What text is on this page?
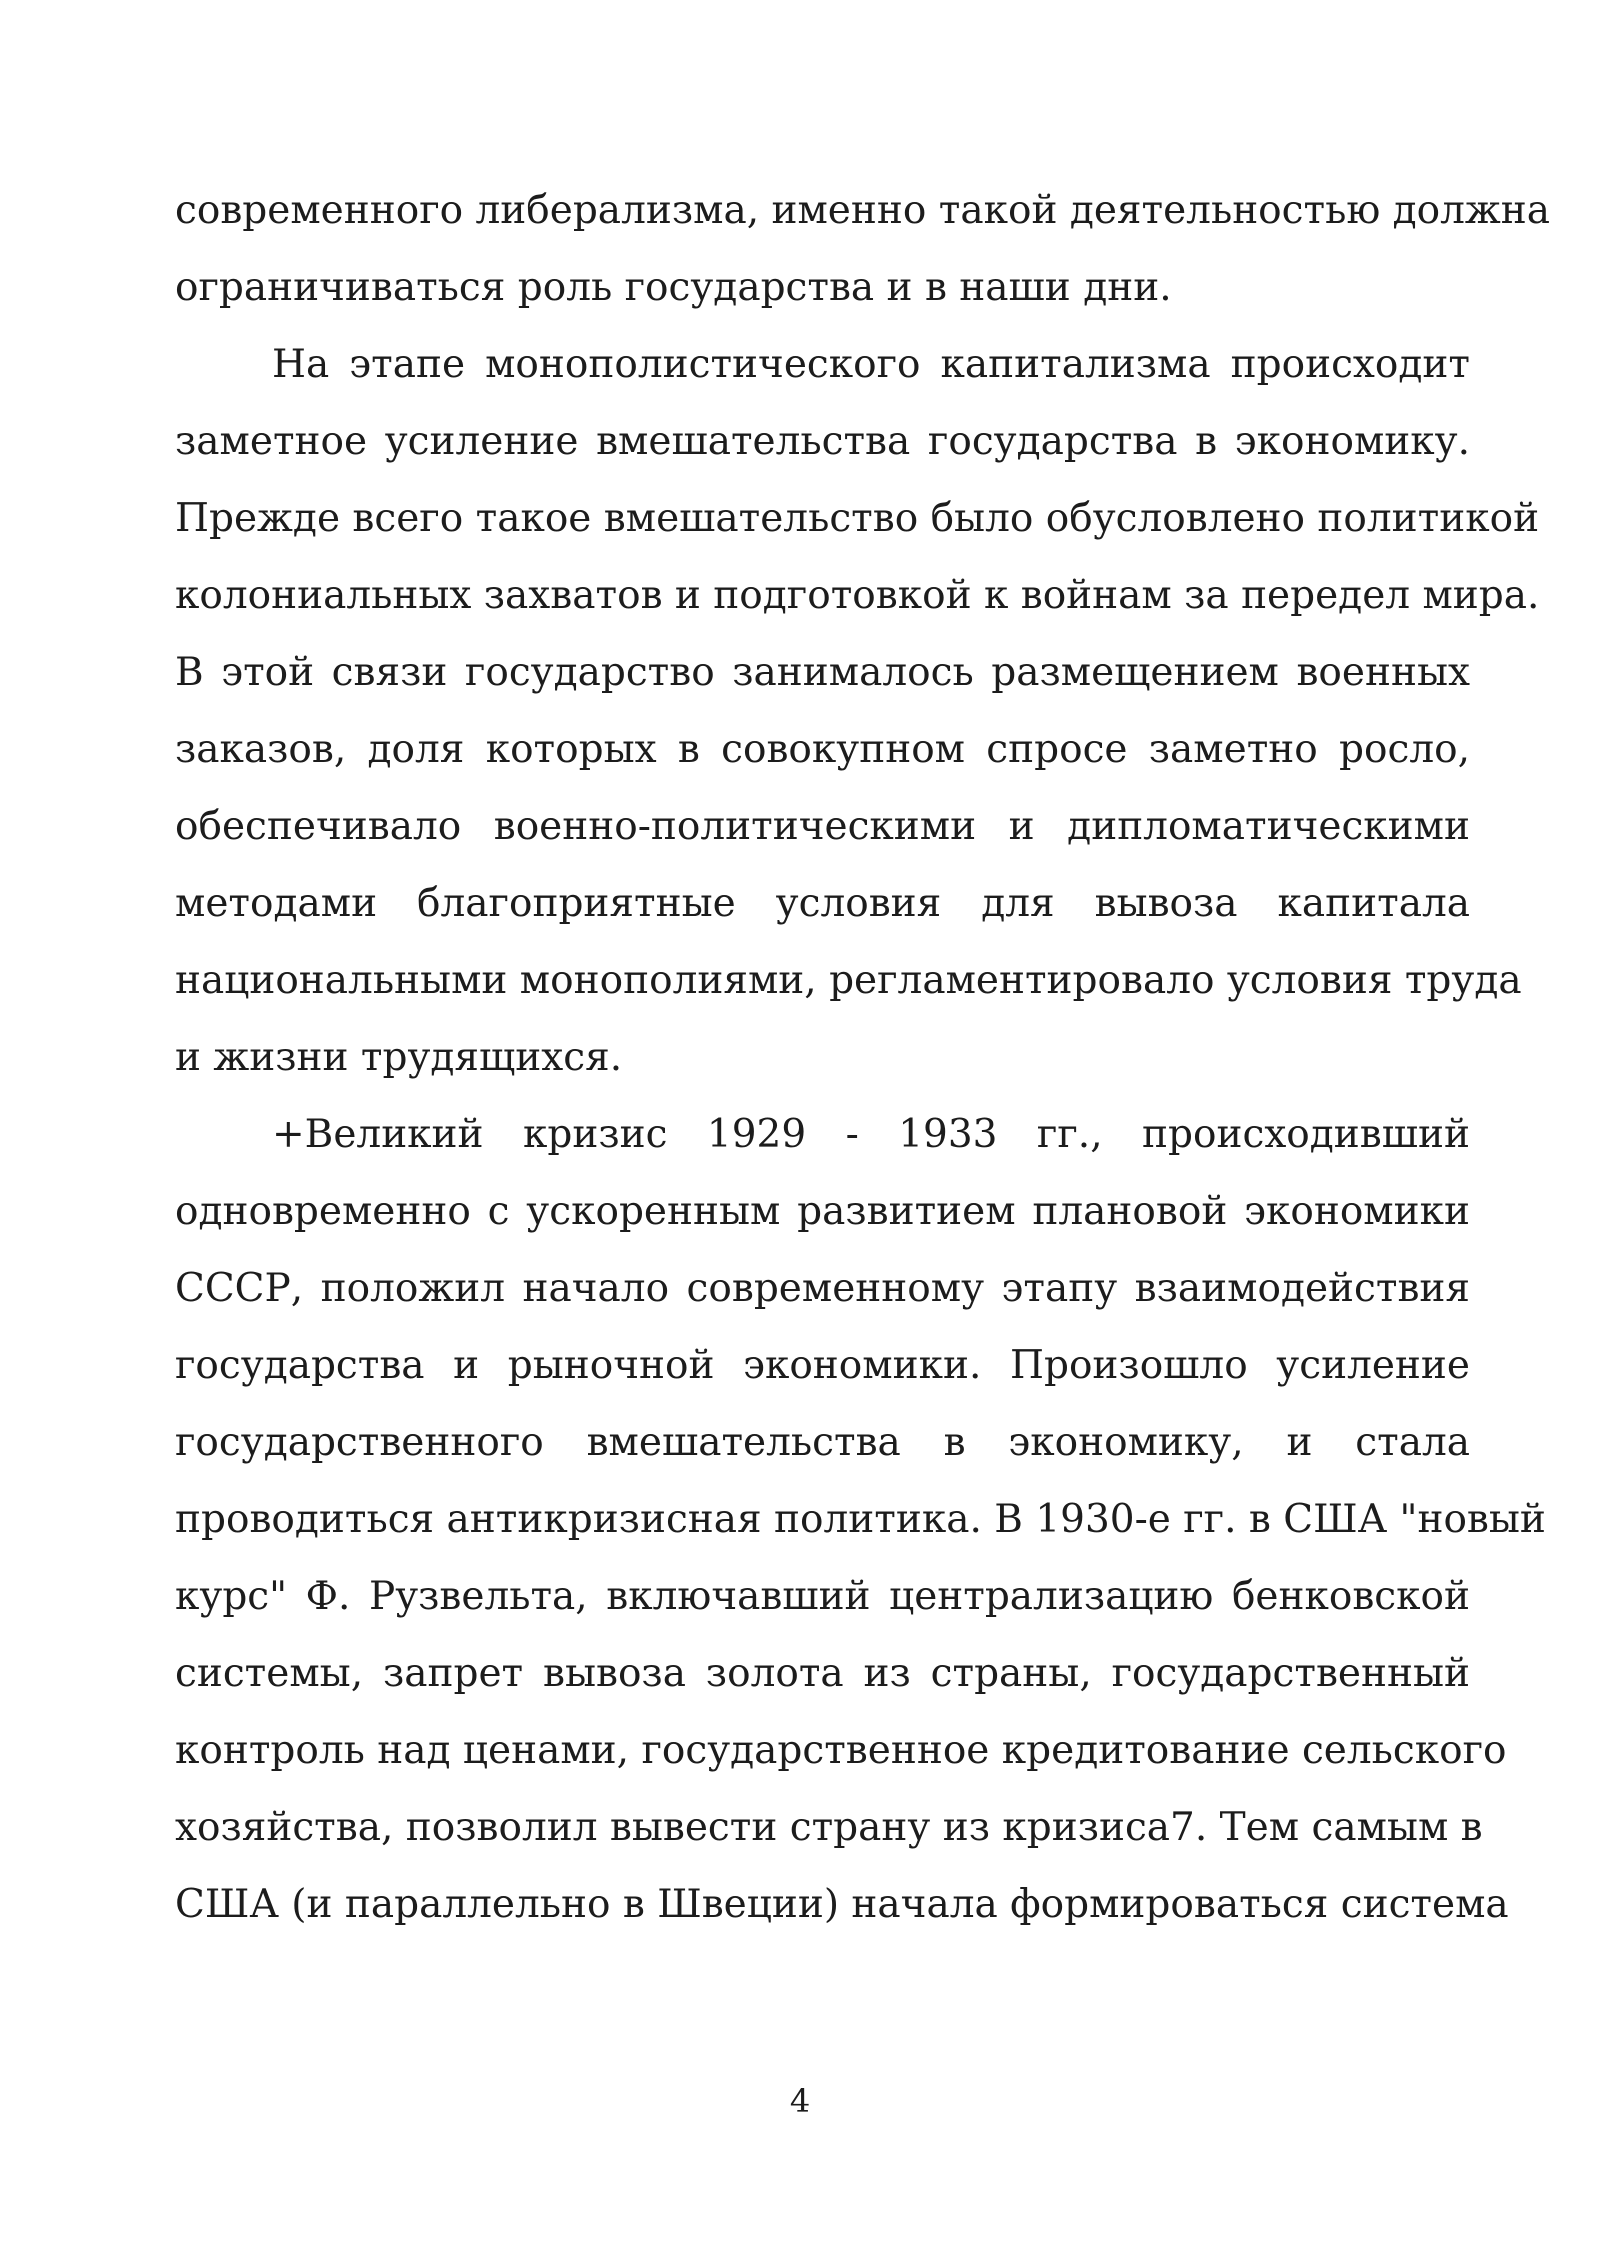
современного либерализма, именно такой деятельностью должна
ограничиваться роль государства и в наши дни.
На этапе монополистического капитализма происходит
заметное усиление вмешательства государства в экономику.
Прежде всего такое вмешательство было обусловлено политикой
колониальных захватов и подготовкой к войнам за передел мира.
В этой связи государство занималось размещением военных
заказов, доля которых в совокупном спросе заметно росло,
обеспечивало военно-политическими и дипломатическими
методами благоприятные условия для вывоза капитала
национальными монополиями, регламентировало условия труда
и жизни трудящихся.
+Великий кризис 1929 - 1933 гг., происходивший
одновременно с ускоренным развитием плановой экономики
СССР, положил начало современному этапу взаимодействия
государства и рыночной экономики. Произошло усиление
государственного вмешательства в экономику, и стала
проводиться антикризисная политика. В 1930-е гг. в США "новый
курс" Ф. Рузвельта, включавший централизацию бенковской
системы, запрет вывоза золота из страны, государственный
контроль над ценами, государственное кредитование сельского
хозяйства, позволил вывести страну из кризиса7. Тем самым в
США (и параллельно в Швеции) начала формироваться система
4
